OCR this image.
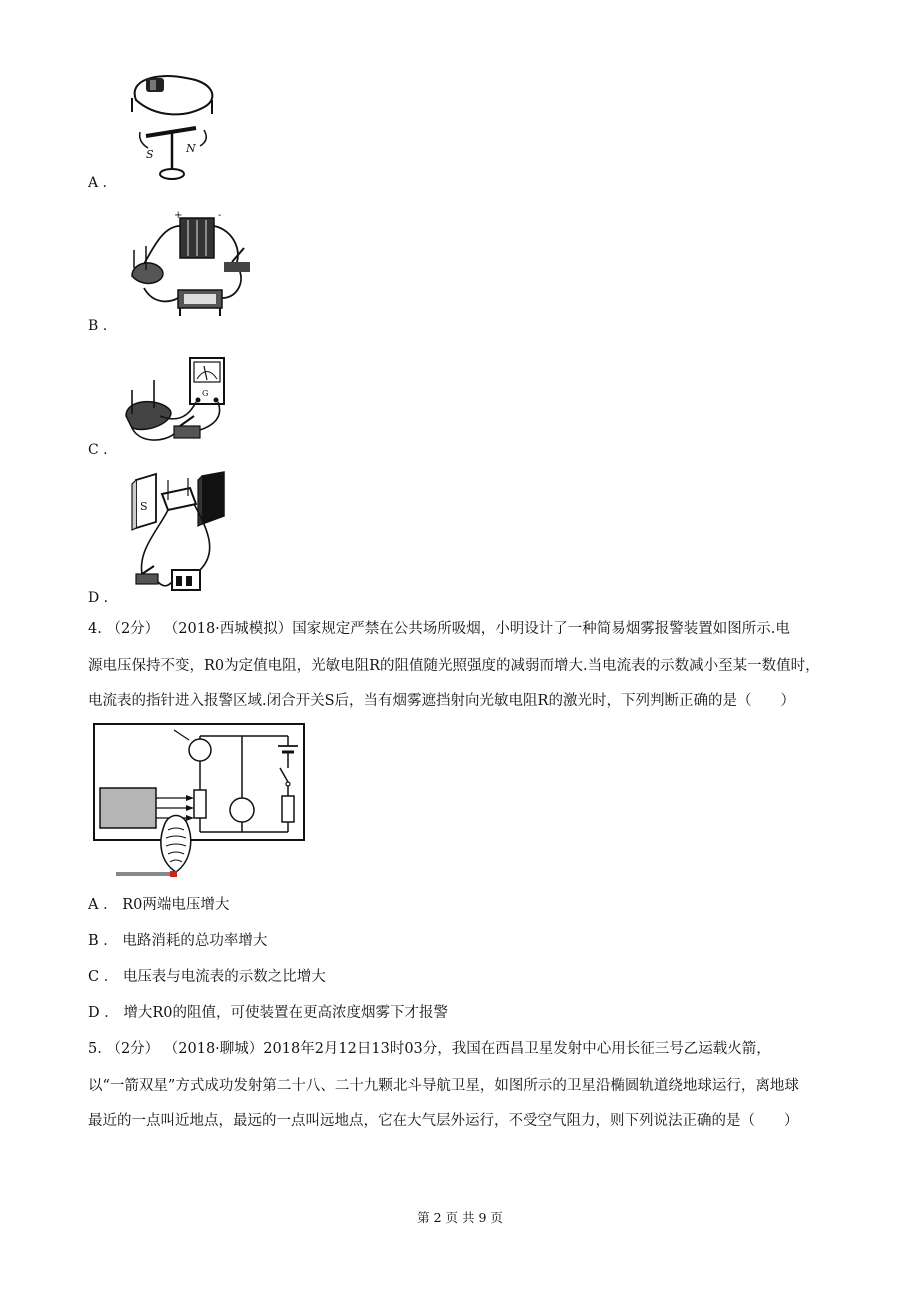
S	N
A .
+	-
B .
G
C .
S
D .
4. （2分） （2018·西城模拟）国家规定严禁在公共场所吸烟，小明设计了一种简易烟雾报警装置如图所示.电
源电压保持不变，R0为定值电阻，光敏电阻R的阻值随光照强度的减弱而增大.当电流表的示数减小至某一数值时，
电流表的指针进入报警区域.闭合开关S后，当有烟雾遮挡射向光敏电阻R的激光时，下列判断正确的是（　　）
A ． R0两端电压增大
B ． 电路消耗的总功率增大
C ． 电压表与电流表的示数之比增大
D ． 增大R0的阻值，可使装置在更高浓度烟雾下才报警
5. （2分） （2018·聊城）2018年2月12日13时03分，我国在西昌卫星发射中心用长征三号乙运载火箭，
以“一箭双星”方式成功发射第二十八、二十九颗北斗导航卫星，如图所示的卫星沿椭圆轨道绕地球运行，离地球
最近的一点叫近地点，最远的一点叫远地点，它在大气层外运行，不受空气阻力，则下列说法正确的是（　　）
第 2 页 共 9 页
